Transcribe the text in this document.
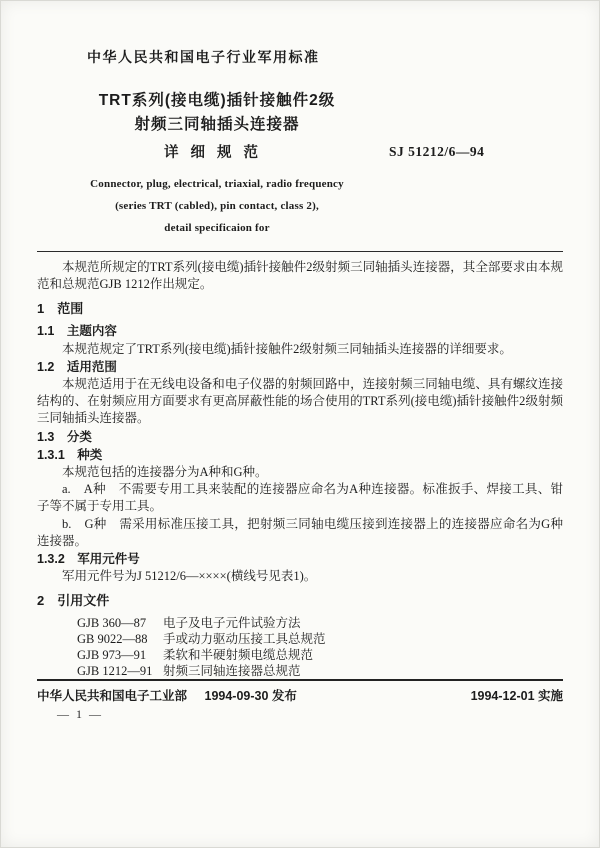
中华人民共和国电子行业军用标准
TRT系列(接电缆)插针接触件2级
射频三同轴插头连接器
详细规范	SJ 51212/6—94
Connector, plug, electrical, triaxial, radio frequency
(series TRT (cabled), pin contact, class 2),
detail specificaion for

本规范所规定的TRT系列(接电缆)插针接触件2级射频三同轴插头连接器，其全部要求由本规范和总规范GJB 1212作出规定。

1　范围
1.1　主题内容

本规范规定了TRT系列(接电缆)插针接触件2级射频三同轴插头连接器的详细要求。

1.2　适用范围

本规范适用于在无线电设备和电子仪器的射频回路中，连接射频三同轴电缆、具有螺纹连接结构的、在射频应用方面要求有更高屏蔽性能的场合使用的TRT系列(接电缆)插针接触件2级射频三同轴插头连接器。

1.3　分类
1.3.1　种类

本规范包括的连接器分为A种和G种。

a.　A种　不需要专用工具来装配的连接器应命名为A种连接器。标准扳手、焊接工具、钳子等不属于专用工具。

b.　G种　需采用标准压接工具，把射频三同轴电缆压接到连接器上的连接器应命名为G种连接器。

1.3.2　军用元件号

军用元件号为J 51212/6—××××(横线号见表1)。

2　引用文件
GJB 360—87	电子及电子元件试验方法
GB 9022—88	手或动力驱动压接工具总规范
GJB 973—91	柔软和半硬射频电缆总规范
GJB 1212—91 射频三同轴连接器总规范
中华人民共和国电子工业部 1994-09-30 发布	1994-12-01 实施
— 1 —
